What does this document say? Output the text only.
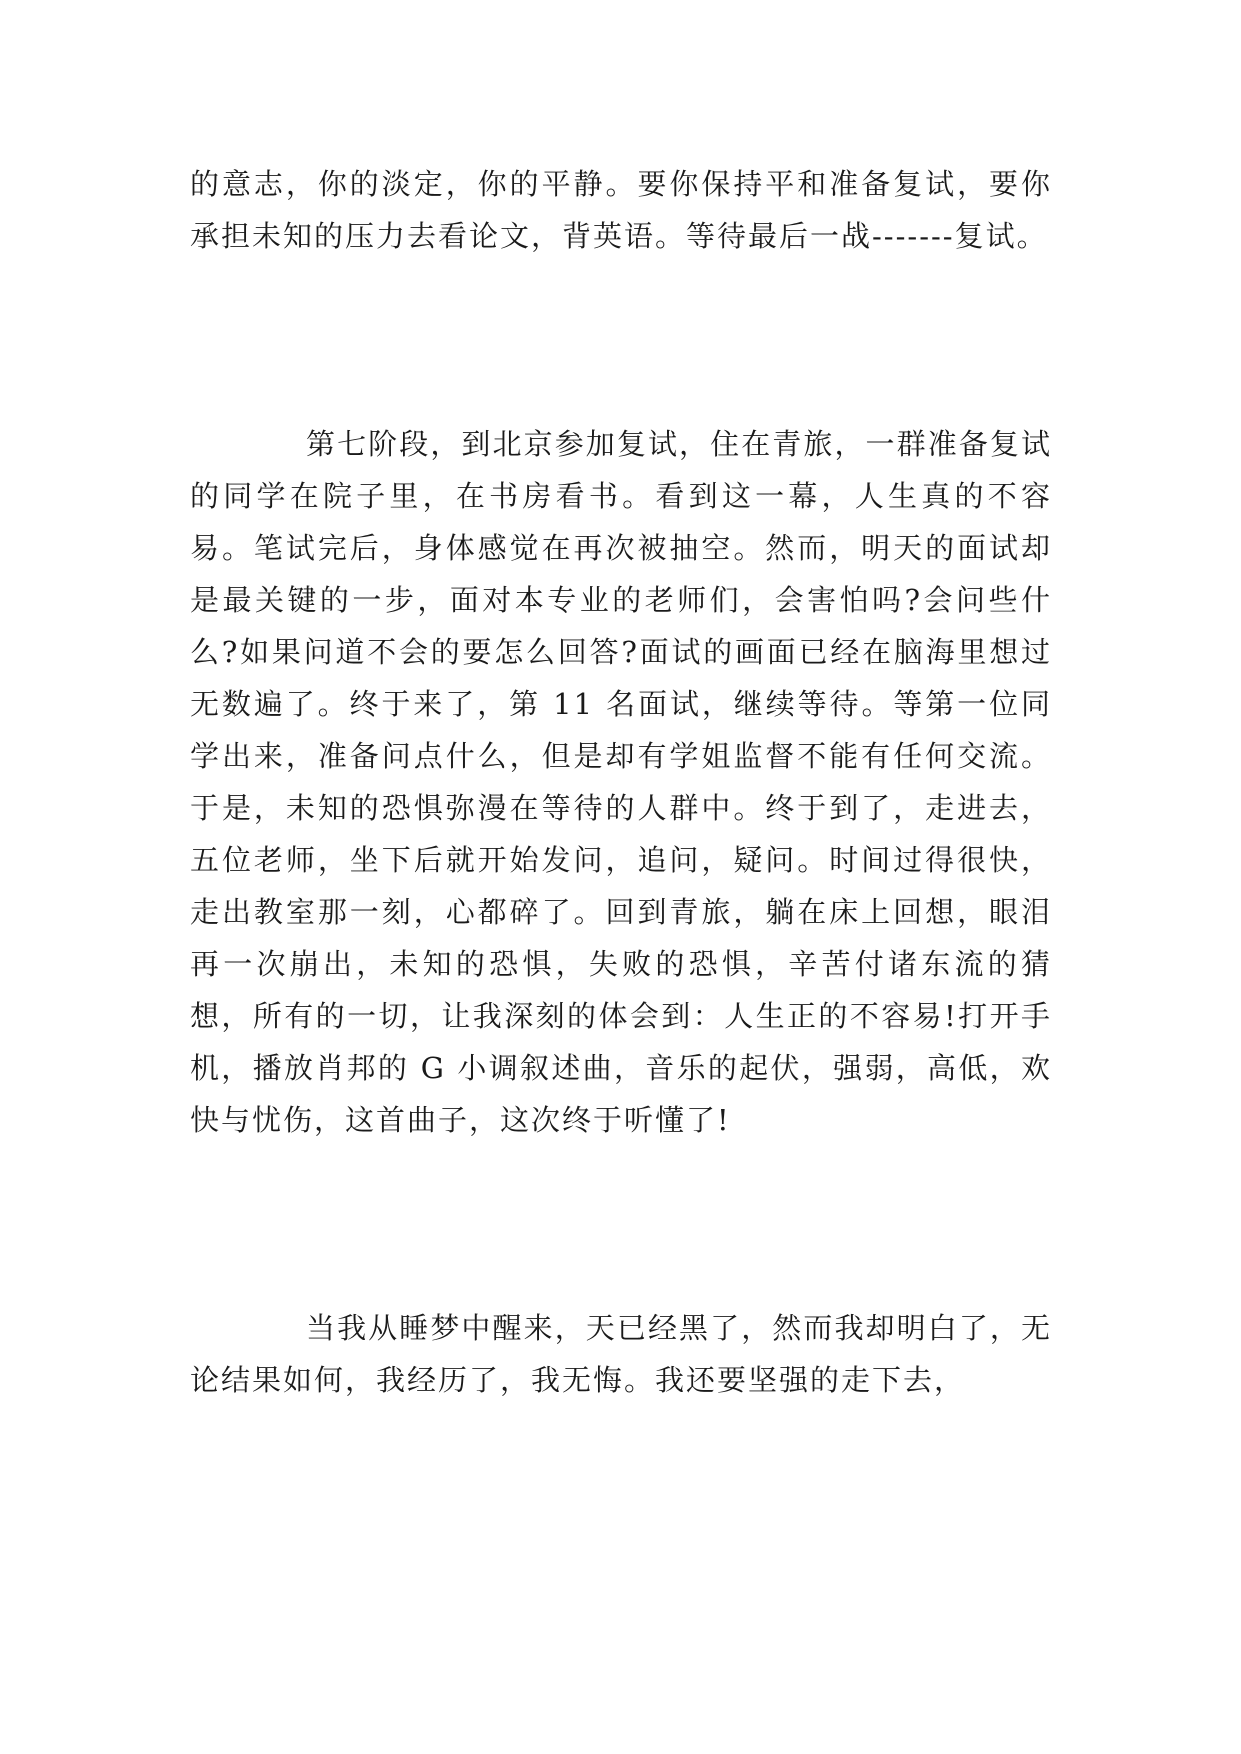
的意志，你的淡定，你的平静。要你保持平和准备复试，要你承担未知的压力去看论文，背英语。等待最后一战-------复试。

第七阶段，到北京参加复试，住在青旅，一群准备复试的同学在院子里，在书房看书。看到这一幕，人生真的不容易。笔试完后，身体感觉在再次被抽空。然而，明天的面试却是最关键的一步，面对本专业的老师们，会害怕吗?会问些什么?如果问道不会的要怎么回答?面试的画面已经在脑海里想过无数遍了。终于来了，第 11 名面试，继续等待。等第一位同学出来，准备问点什么，但是却有学姐监督不能有任何交流。于是，未知的恐惧弥漫在等待的人群中。终于到了，走进去，五位老师，坐下后就开始发问，追问，疑问。时间过得很快，走出教室那一刻，心都碎了。回到青旅，躺在床上回想，眼泪再一次崩出，未知的恐惧，失败的恐惧，辛苦付诸东流的猜想，所有的一切，让我深刻的体会到：人生正的不容易!打开手机，播放肖邦的 G 小调叙述曲，音乐的起伏，强弱，高低，欢快与忧伤，这首曲子，这次终于听懂了!

当我从睡梦中醒来，天已经黑了，然而我却明白了，无论结果如何，我经历了，我无悔。我还要坚强的走下去，
